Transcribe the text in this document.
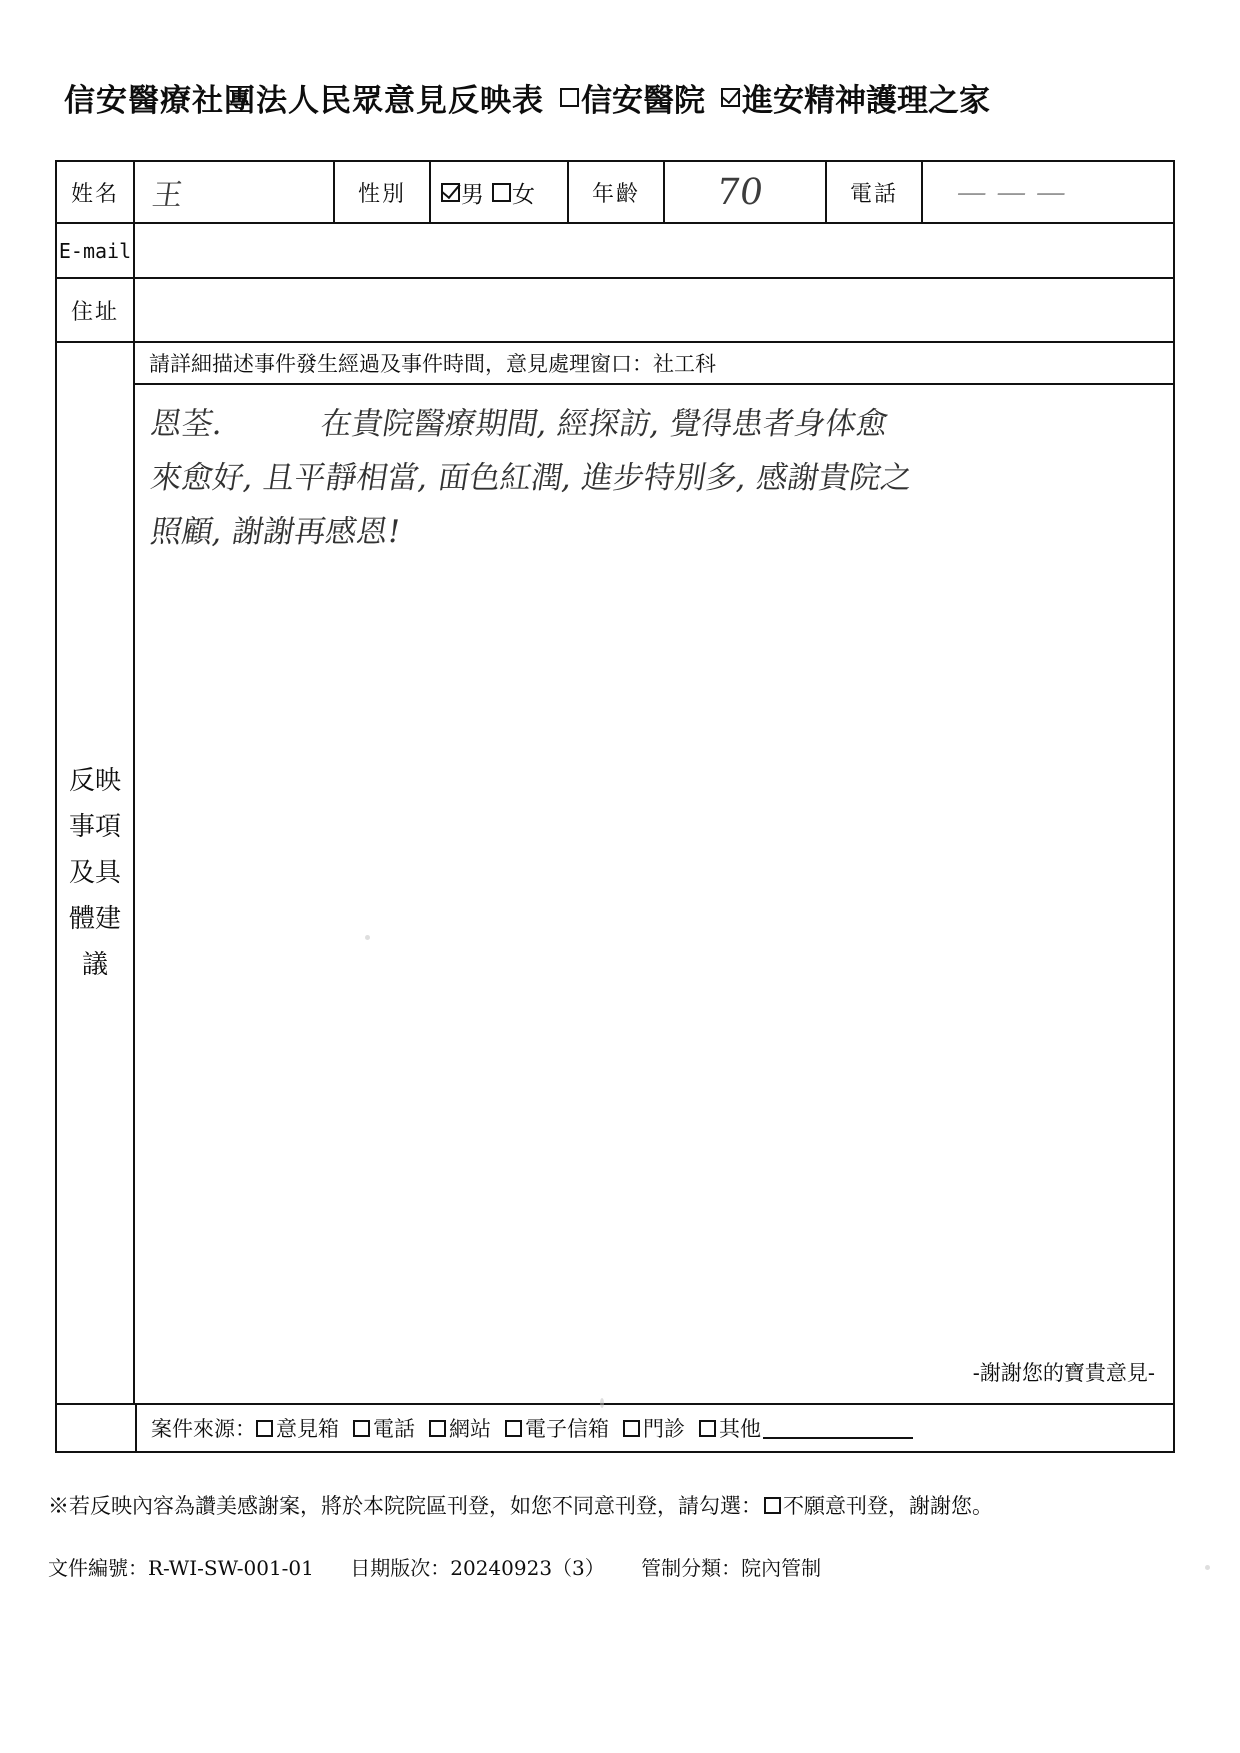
信安醫療社團法人民眾意見反映表 信安醫院 進安精神護理之家
姓名	王	性別	男 女	年齡	70	電話	— — —
E-mail
住址
反映事項及具體建議
請詳細描述事件發生經過及事件時間，意見處理窗口：社工科
恩荃.	在貴院醫療期間, 經探訪, 覺得患者身体愈
來愈好, 且平靜相當, 面色紅潤, 進步特別多, 感謝貴院之
照顧, 謝謝再感恩!
-謝謝您的寶貴意見-
案件來源： 意見箱 電話 網站 電子信箱 門診 其他
※若反映內容為讚美感謝案，將於本院院區刊登，如您不同意刊登，請勾選： 不願意刊登，謝謝您。
文件編號：R-WI-SW-001-01 日期版次：20240923（3） 管制分類：院內管制
